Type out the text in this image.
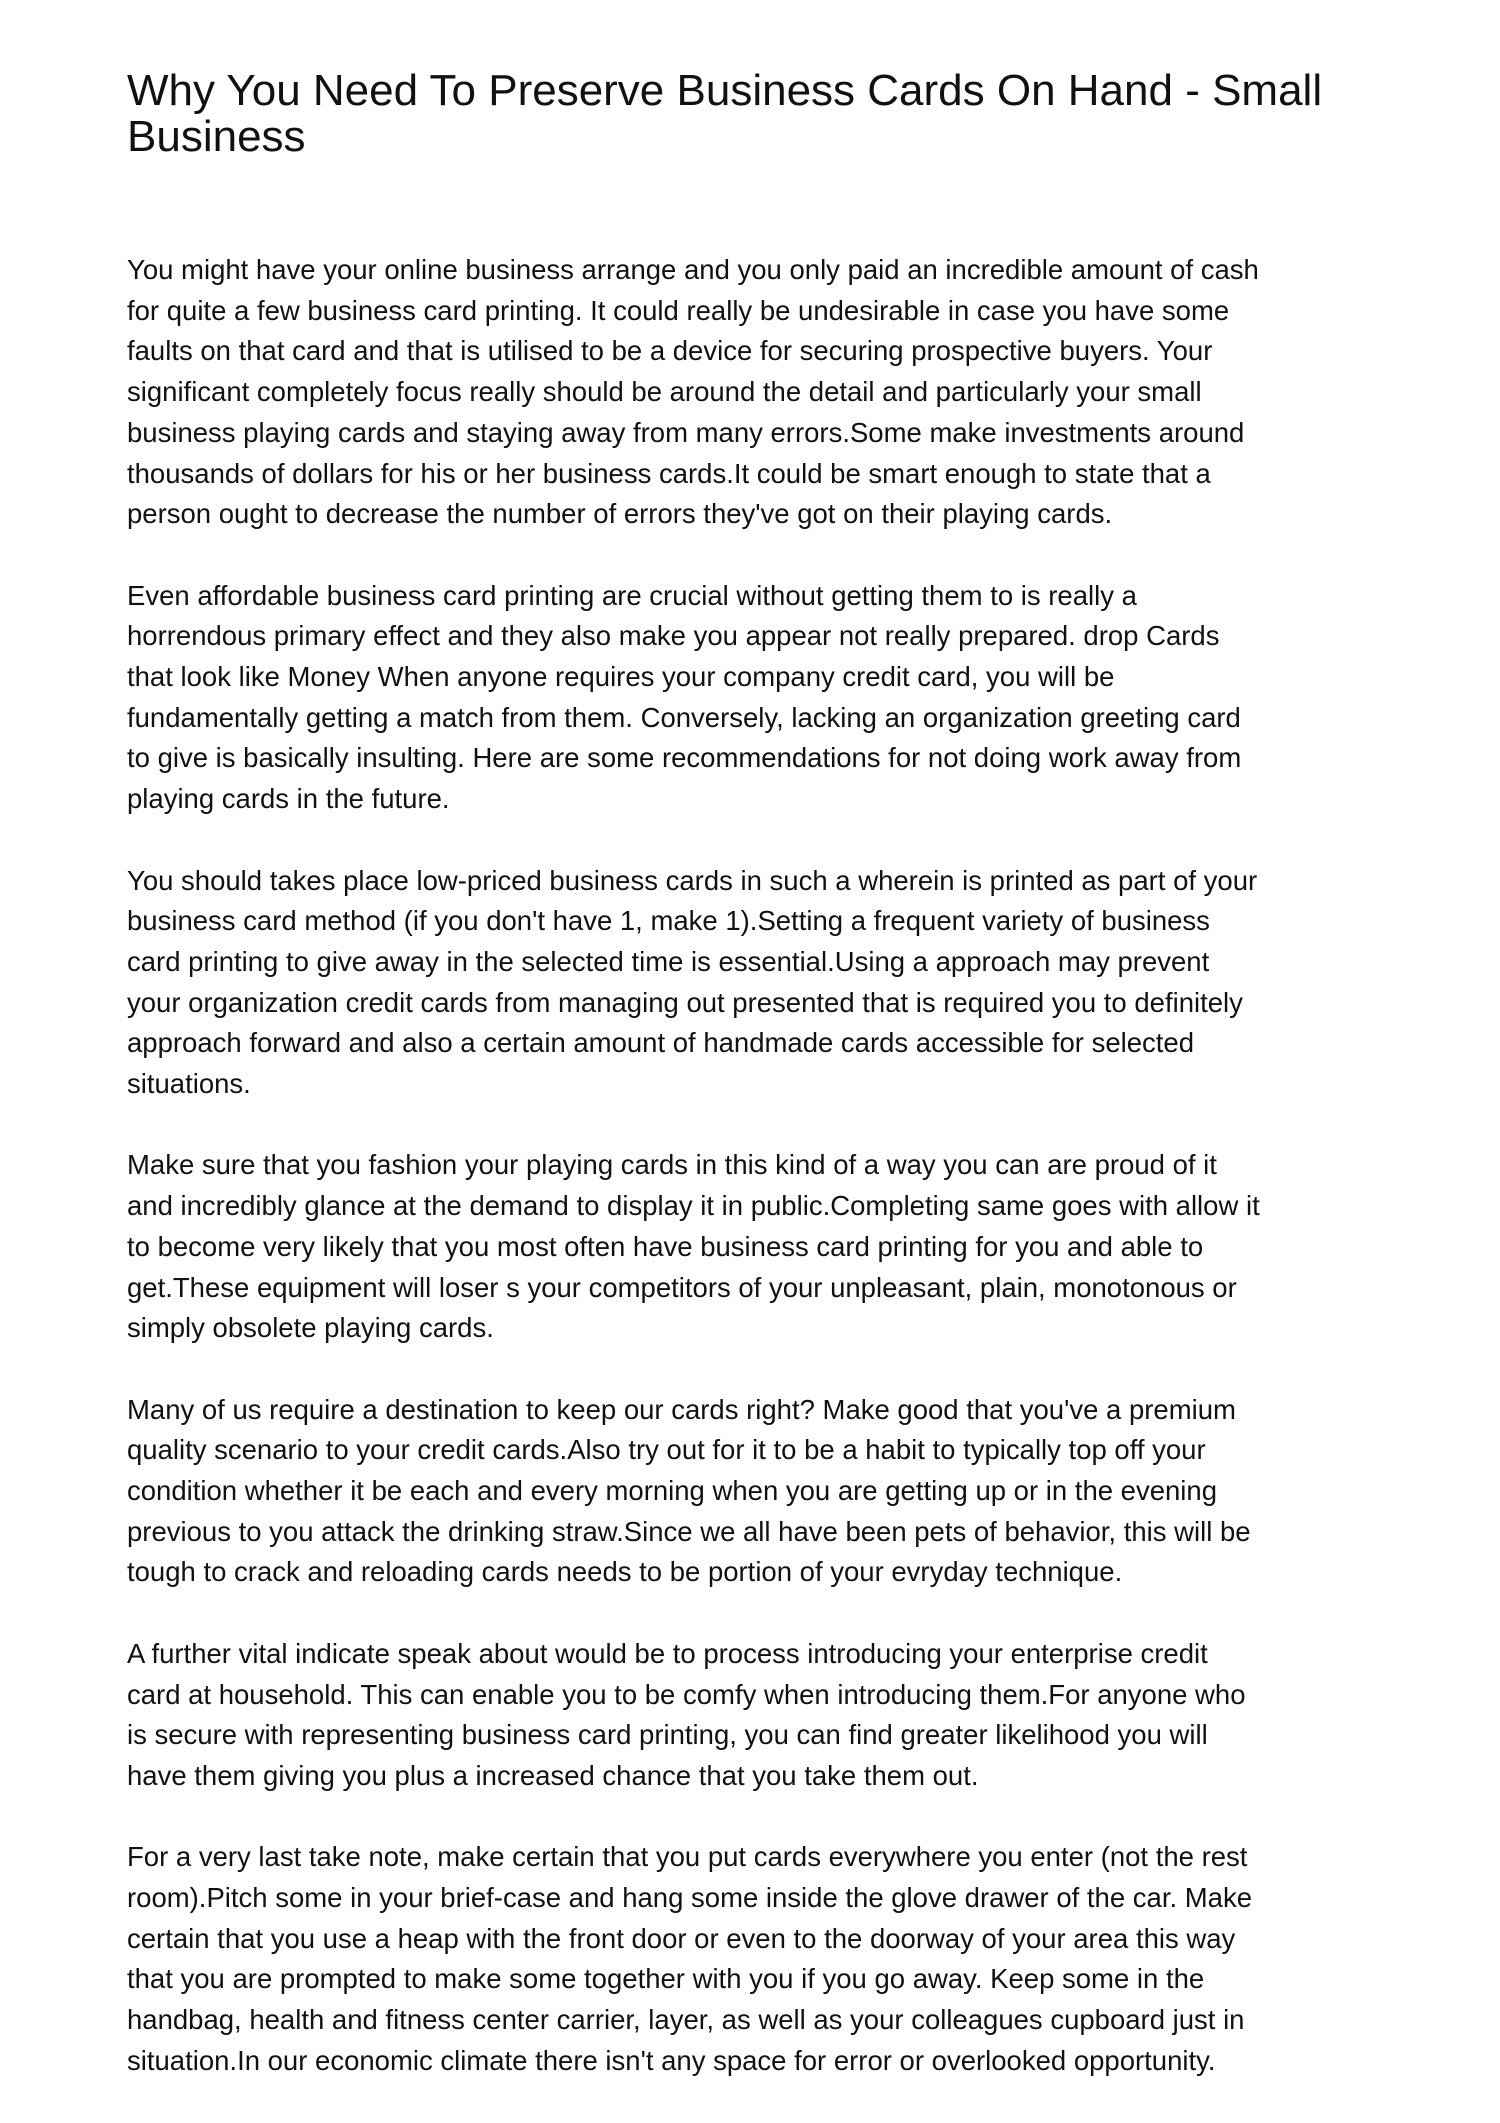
Why You Need To Preserve Business Cards On Hand - Small
Business

You might have your online business arrange and you only paid an incredible amount of cash
for quite a few business card printing. It could really be undesirable in case you have some
faults on that card and that is utilised to be a device for securing prospective buyers. Your
significant completely focus really should be around the detail and particularly your small
business playing cards and staying away from many errors.Some make investments around
thousands of dollars for his or her business cards.It could be smart enough to state that a
person ought to decrease the number of errors they've got on their playing cards.

Even affordable business card printing are crucial without getting them to is really a
horrendous primary effect and they also make you appear not really prepared. drop Cards
that look like Money When anyone requires your company credit card, you will be
fundamentally getting a match from them. Conversely, lacking an organization greeting card
to give is basically insulting. Here are some recommendations for not doing work away from
playing cards in the future.

You should takes place low-priced business cards in such a wherein is printed as part of your
business card method (if you don't have 1, make 1).Setting a frequent variety of business
card printing to give away in the selected time is essential.Using a approach may prevent
your organization credit cards from managing out presented that is required you to definitely
approach forward and also a certain amount of handmade cards accessible for selected
situations.

Make sure that you fashion your playing cards in this kind of a way you can are proud of it
and incredibly glance at the demand to display it in public.Completing same goes with allow it
to become very likely that you most often have business card printing for you and able to
get.These equipment will loser s your competitors of your unpleasant, plain, monotonous or
simply obsolete playing cards.

Many of us require a destination to keep our cards right? Make good that you've a premium
quality scenario to your credit cards.Also try out for it to be a habit to typically top off your
condition whether it be each and every morning when you are getting up or in the evening
previous to you attack the drinking straw.Since we all have been pets of behavior, this will be
tough to crack and reloading cards needs to be portion of your evryday technique.

A further vital indicate speak about would be to process introducing your enterprise credit
card at household. This can enable you to be comfy when introducing them.For anyone who
is secure with representing business card printing, you can find greater likelihood you will
have them giving you plus a increased chance that you take them out.

For a very last take note, make certain that you put cards everywhere you enter (not the rest
room).Pitch some in your brief-case and hang some inside the glove drawer of the car. Make
certain that you use a heap with the front door or even to the doorway of your area this way
that you are prompted to make some together with you if you go away. Keep some in the
handbag, health and fitness center carrier, layer, as well as your colleagues cupboard just in
situation.In our economic climate there isn't any space for error or overlooked opportunity.
